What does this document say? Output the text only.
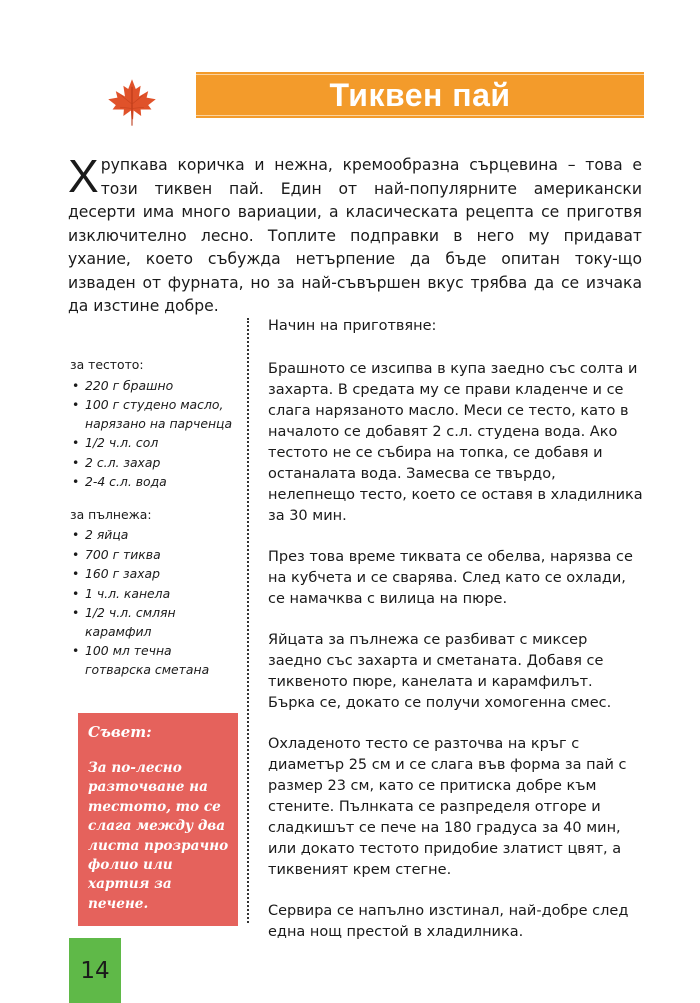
Тиквен пай

Хрупкава коричка и нежна, кремообразна сърцевина – това е този тиквен пай. Един от най-популярните американски десерти има много вариации, а класическата рецепта се приготвя изключително лесно. Топлите подправки в него му придават ухание, което събужда нетърпение да бъде опитан току-що изваден от фурната, но за най-съвършен вкус трябва да се изчака да изстине добре.

за тестото:
• 220 г брашно
• 100 г студено масло, нарязано на парченца
• 1/2 ч.л. сол
• 2 с.л. захар
• 2-4 с.л. вода
за пълнежа:
• 2 яйца
• 700 г тиква
• 160 г захар
• 1 ч.л. канела
• 1/2 ч.л. смлян карамфил
• 100 мл течна готварска сметана
Съвет:
За по-лесно разточване на тестото, то се слага между два листа прозрачно фолио или хартия за печене.

Начин на приготвяне:

Брашното се изсипва в купа заедно със солта и захарта. В средата му се прави кладенче и се слага нарязаното масло. Меси се тесто, като в началото се добавят 2 с.л. студена вода. Ако тестото не се събира на топка, се добавя и останалата вода. Замесва се твърдо, нелепнещо тесто, което се оставя в хладилника за 30 мин.

През това време тиквата се обелва, нарязва се на кубчета и се сварява. След като се охлади, се намачква с вилица на пюре.

Яйцата за пълнежа се разбиват с миксер заедно със захарта и сметаната. Добавя се тиквеното пюре, канелата и карамфилът. Бърка се, докато се получи хомогенна смес.

Охладеното тесто се разточва на кръг с диаметър 25 см и се слага във форма за пай с размер 23 см, като се притиска добре към стените. Пълнката се разпределя отгоре и сладкишът се пече на 180 градуса за 40 мин, или докато тестото придобие златист цвят, а тиквеният крем стегне.

Сервира се напълно изстинал, най-добре след една нощ престой в хладилника.

14
